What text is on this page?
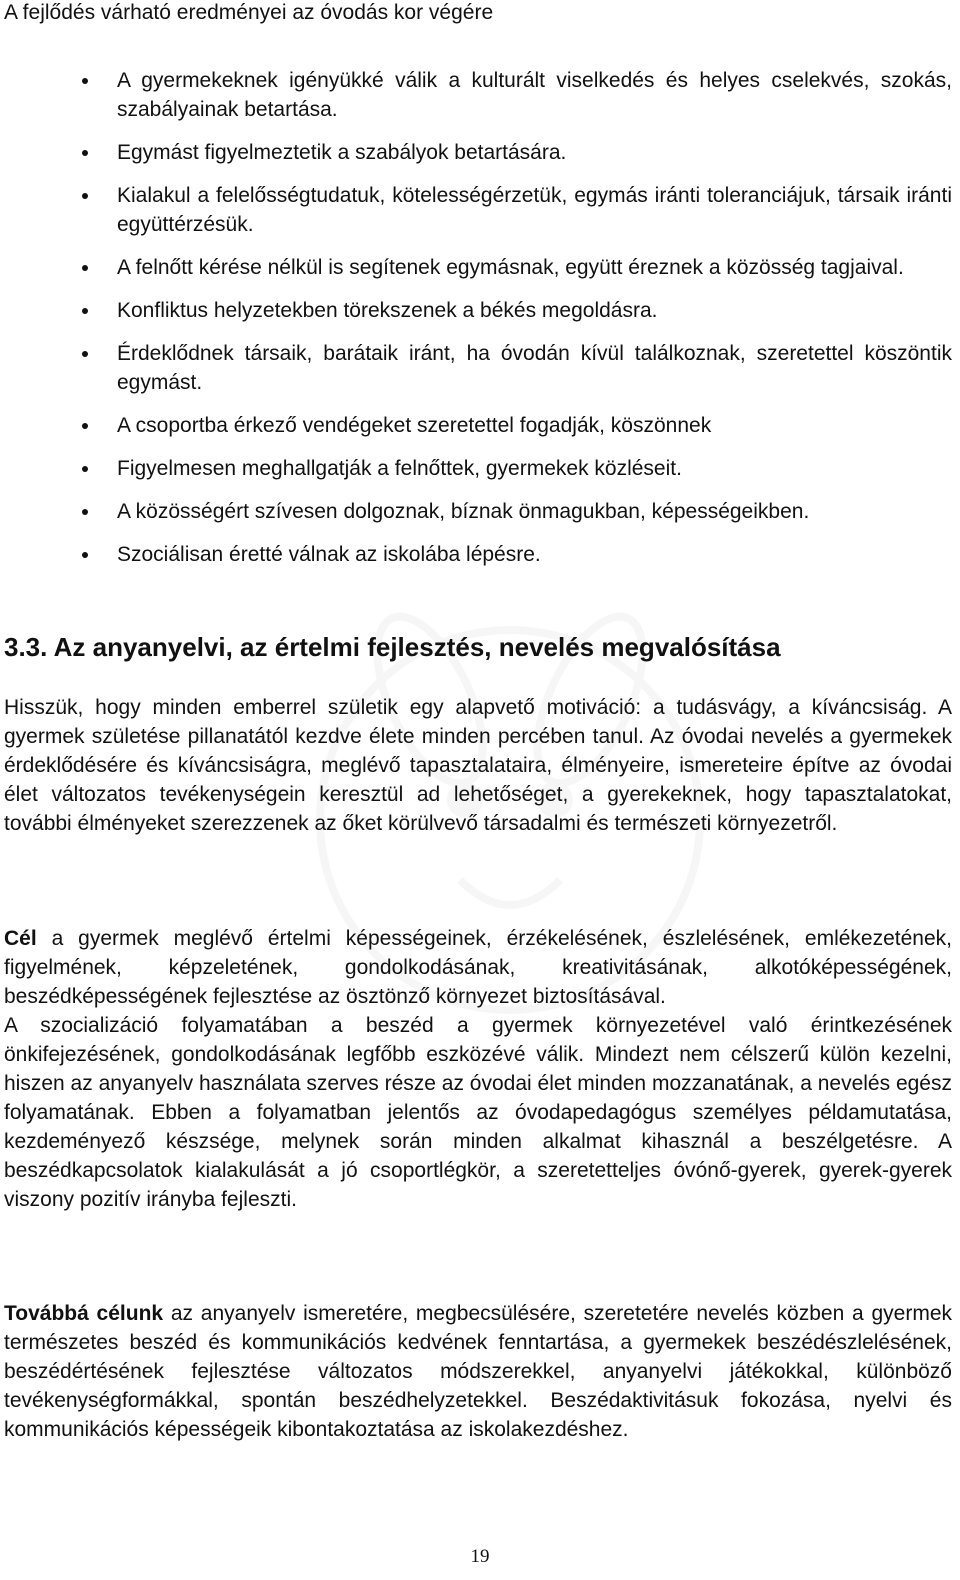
A fejlődés várható eredményei az óvodás kor végére
A gyermekeknek igényükké válik a kulturált viselkedés és helyes cselekvés, szokás, szabályainak betartása.
Egymást figyelmeztetik a szabályok betartására.
Kialakul a felelősségtudatuk, kötelességérzetük, egymás iránti toleranciájuk, társaik iránti együttérzésük.
A felnőtt kérése nélkül is segítenek egymásnak, együtt éreznek a közösség tagjaival.
Konfliktus helyzetekben törekszenek a békés megoldásra.
Érdeklődnek társaik, barátaik iránt, ha óvodán kívül találkoznak, szeretettel köszöntik egymást.
A csoportba érkező vendégeket szeretettel fogadják, köszönnek
Figyelmesen meghallgatják a felnőttek, gyermekek közléseit.
A közösségért szívesen dolgoznak, bíznak önmagukban, képességeikben.
Szociálisan éretté válnak az iskolába lépésre.
3.3. Az anyanyelvi, az értelmi fejlesztés, nevelés megvalósítása

Hisszük, hogy minden emberrel születik egy alapvető motiváció: a tudásvágy, a kíváncsiság. A gyermek születése pillanatától kezdve élete minden percében tanul. Az óvodai nevelés a gyermekek érdeklődésére és kíváncsiságra, meglévő tapasztalataira, élményeire, ismereteire építve az óvodai élet változatos tevékenységein keresztül ad lehetőséget, a gyerekeknek, hogy tapasztalatokat, további élményeket szerezzenek az őket körülvevő társadalmi és természeti környezetről.

Cél a gyermek meglévő értelmi képességeinek, érzékelésének, észlelésének, emlékezetének, figyelmének, képzeletének, gondolkodásának, kreativitásának, alkotóképességének, beszédképességének fejlesztése az ösztönző környezet biztosításával.
A szocializáció folyamatában a beszéd a gyermek környezetével való érintkezésének önkifejezésének, gondolkodásának legfőbb eszközévé válik. Mindezt nem célszerű külön kezelni, hiszen az anyanyelv használata szerves része az óvodai élet minden mozzanatának, a nevelés egész folyamatának. Ebben a folyamatban jelentős az óvodapedagógus személyes példamutatása, kezdeményező készsége, melynek során minden alkalmat kihasznál a beszélgetésre. A beszédkapcsolatok kialakulását a jó csoportlégkör, a szeretetteljes óvónő-gyerek, gyerek-gyerek viszony pozitív irányba fejleszti.

Továbbá célunk az anyanyelv ismeretére, megbecsülésére, szeretetére nevelés közben a gyermek természetes beszéd és kommunikációs kedvének fenntartása, a gyermekek beszédészlelésének, beszédértésének fejlesztése változatos módszerekkel, anyanyelvi játékokkal, különböző tevékenységformákkal, spontán beszédhelyzetekkel. Beszédaktivitásuk fokozása, nyelvi és kommunikációs képességeik kibontakoztatása az iskolakezdéshez.

19
